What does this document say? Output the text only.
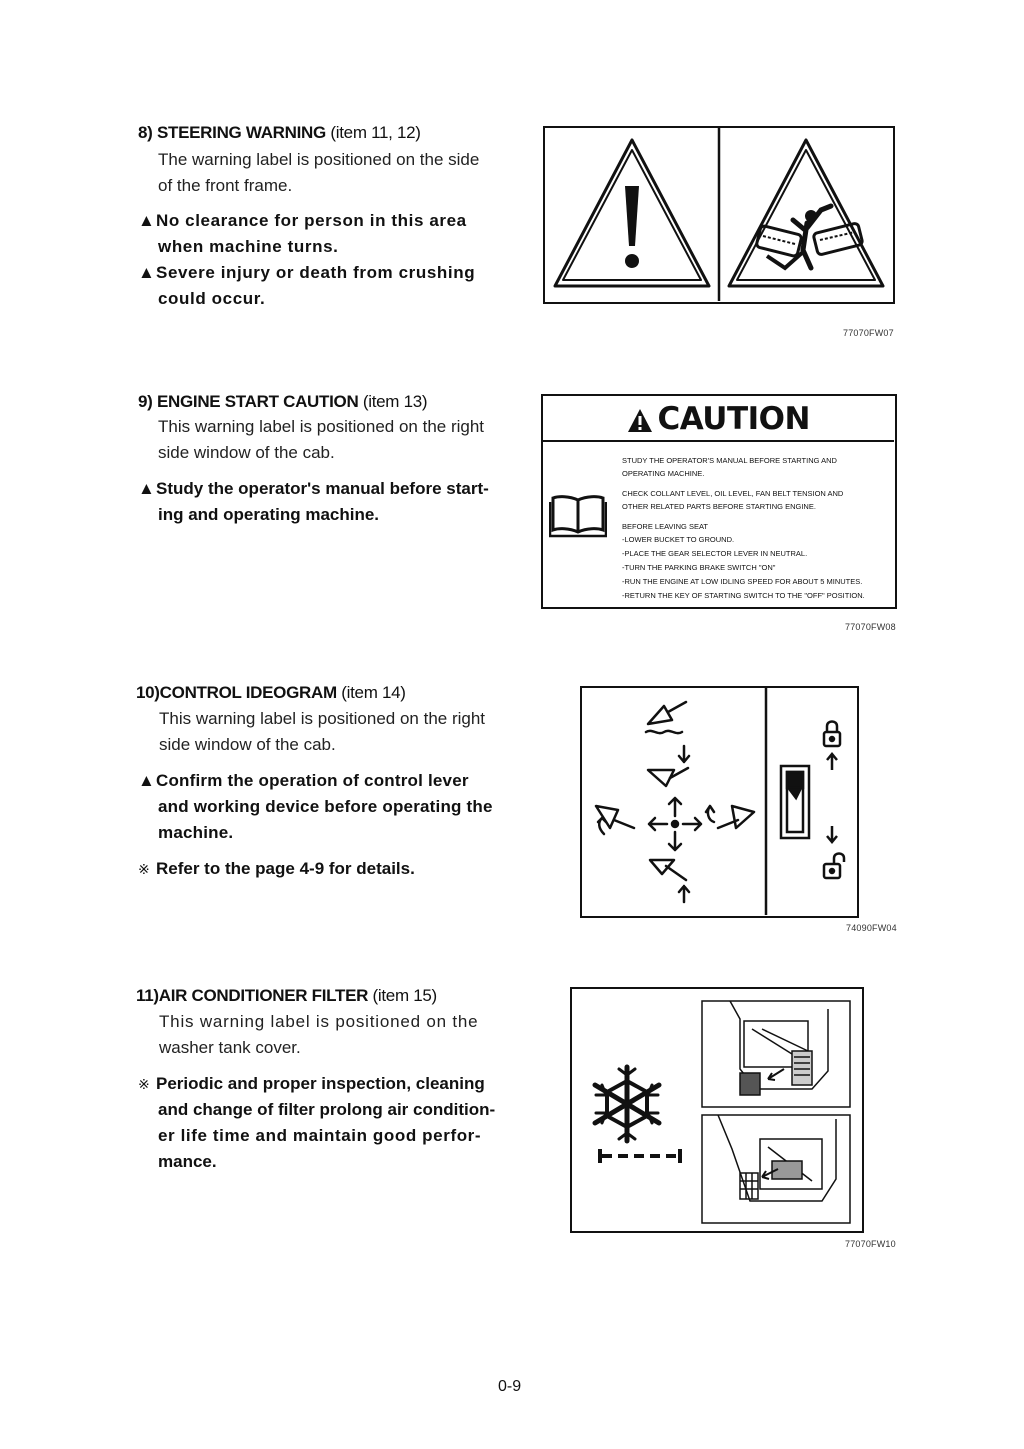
8) STEERING WARNING (item 11, 12)
The warning label is positioned on the side
of the front frame.
▲No clearance for person in this area
when machine turns.
▲Severe injury or death from crushing
could occur.
77070FW07
9) ENGINE START CAUTION (item 13)
This warning label is positioned on the right
side window of the cab.
▲Study the operator's manual before start-
ing and operating machine.
CAUTION
STUDY THE OPERATOR'S MANUAL BEFORE STARTING AND
OPERATING MACHINE.
CHECK COLLANT LEVEL, OIL LEVEL, FAN BELT TENSION AND
OTHER RELATED PARTS BEFORE STARTING ENGINE.
BEFORE LEAVING SEAT
-LOWER BUCKET TO GROUND.
-PLACE THE GEAR SELECTOR LEVER IN NEUTRAL.
-TURN THE PARKING BRAKE SWITCH "ON"
-RUN THE ENGINE AT LOW IDLING SPEED FOR ABOUT 5 MINUTES.
-RETURN THE KEY OF STARTING SWITCH TO THE "OFF" POSITION.
77070FW08
10)CONTROL IDEOGRAM (item 14)
This warning label is positioned on the right
side window of the cab.
▲Confirm the operation of control lever
and working device before operating the
machine.
※ Refer to the page 4-9 for details.
74090FW04
11)AIR CONDITIONER FILTER (item 15)
This warning label is positioned on the
washer tank cover.
※ Periodic and proper inspection, cleaning
and change of filter prolong air condition-
er life time and maintain good perfor-
mance.
77070FW10
0-9
